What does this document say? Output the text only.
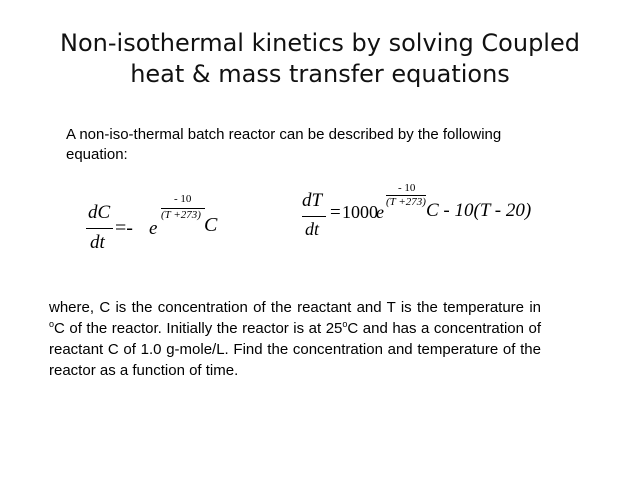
Non-isothermal kinetics by solving Coupled heat & mass transfer equations
A non-iso-thermal batch reactor can be described by the following equation:
dC
dt
=- e
- 10
(T +273) C
dT
dt
= 1000
e
- 10
(T +273) C - 10(T - 20)
where, C is the concentration of the reactant and T is the temperature in $^o$C of the reactor. Initially the reactor is at 25$^o$C and has a concentration of reactant C of 1.0 g-mole/L. Find the concentration and temperature of the reactor as a function of time.
